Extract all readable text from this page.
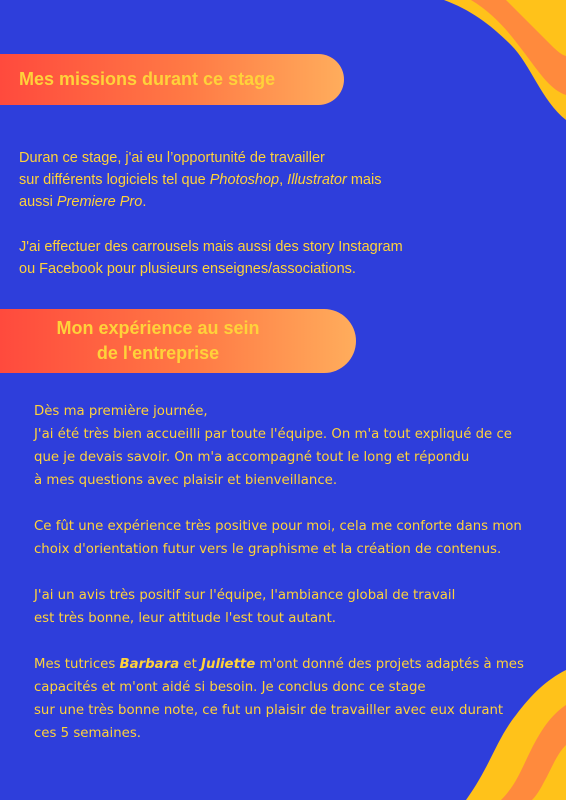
Mes missions durant ce stage

Duran ce stage, j'ai eu l’opportunité de travailler
sur différents logiciels tel que Photoshop, Illustrator mais
aussi Premiere Pro.

J'ai effectuer des carrousels mais aussi des story Instagram
ou Facebook pour plusieurs enseignes/associations.

Mon expérience au sein
de l'entreprise

Dès ma première journée,
J'ai été très bien accueilli par toute l'équipe. On m'a tout expliqué de ce
que je devais savoir. On m'a accompagné tout le long et répondu
à mes questions avec plaisir et bienveillance.

Ce fût une expérience très positive pour moi, cela me conforte dans mon
choix d'orientation futur vers le graphisme et la création de contenus.

J'ai un avis très positif sur l'équipe, l'ambiance global de travail
est très bonne, leur attitude l'est tout autant.

Mes tutrices Barbara et Juliette m'ont donné des projets adaptés à mes
capacités et m'ont aidé si besoin. Je conclus donc ce stage
sur une très bonne note, ce fut un plaisir de travailler avec eux durant
ces 5 semaines.
